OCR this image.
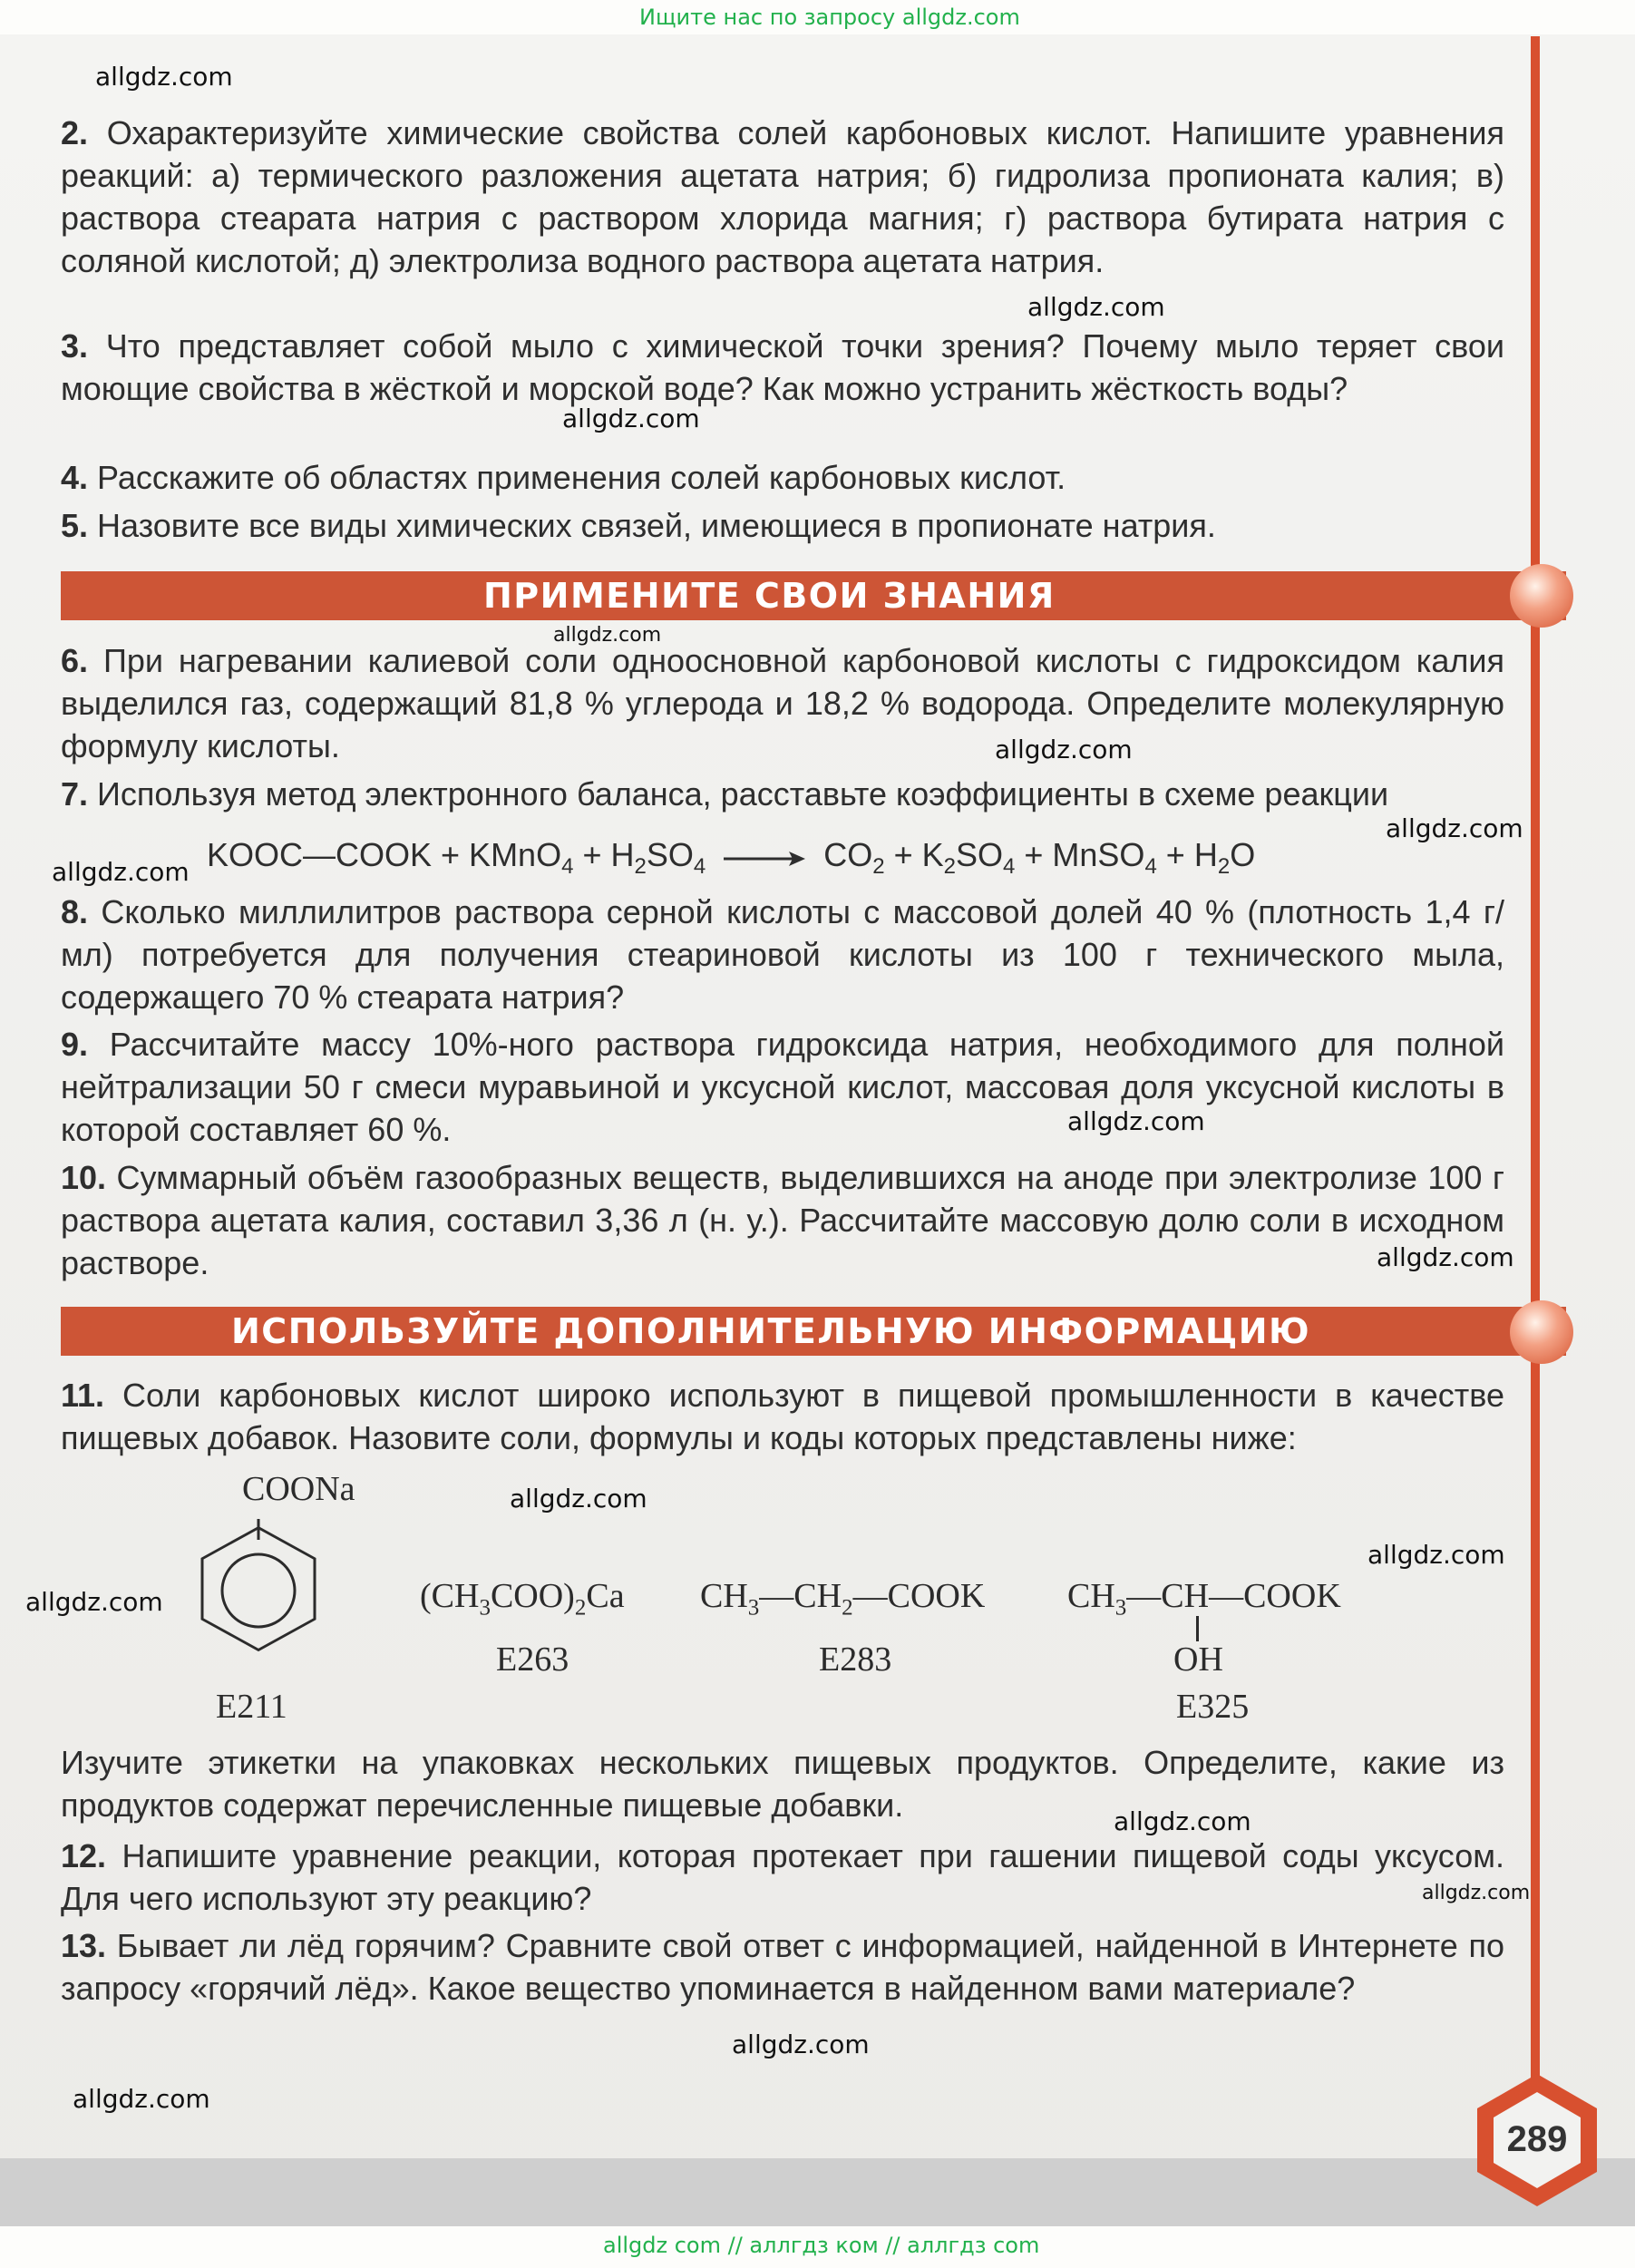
Ищите нас по запросу allgdz.com

2. Охарактеризуйте химические свойства солей карбоновых кислот. Напишите уравнения реакций: а) термического разложения ацетата натрия; б) гидролиза пропионата калия; в) раствора стеарата натрия с раствором хлорида магния; г) раствора бутирата натрия с соляной кислотой; д) электролиза водного раствора ацетата натрия.

3. Что представляет собой мыло с химической точки зрения? Почему мыло теряет свои моющие свойства в жёсткой и морской воде? Как можно устранить жёсткость воды?

4. Расскажите об областях применения солей карбоновых кислот.

5. Назовите все виды химических связей, имеющиеся в пропионате натрия.

ПРИМЕНИТЕ СВОИ ЗНАНИЯ

6. При нагревании калиевой соли одноосновной карбоновой кислоты с гидроксидом калия выделился газ, содержащий 81,8 % углерода и 18,2 % водорода. Определите молекулярную формулу кислоты.

7. Используя метод электронного баланса, расставьте коэффициенты в схеме реакции

KOOC—COOK + KMnO$_4$ + $H_2SO_4 \to CO_2 + K_2SO_4$ + MnSO$_4$ + $H_2O$

8. Сколько миллилитров раствора серной кислоты с массовой долей 40 % (плотность 1,4 г/мл) потребуется для получения стеариновой кислоты из 100 г технического мыла, содержащего 70 % стеарата натрия?

9. Рассчитайте массу 10%-ного раствора гидроксида натрия, необходимого для полной нейтрализации 50 г смеси муравьиной и уксусной кислот, массовая доля уксусной кислоты в которой составляет 60 %.

10. Суммарный объём газообразных веществ, выделившихся на аноде при электролизе 100 г раствора ацетата калия, составил 3,36 л (н. у.). Рассчитайте массовую долю соли в исходном растворе.

ИСПОЛЬЗУЙТЕ ДОПОЛНИТЕЛЬНУЮ ИНФОРМАЦИЮ

11. Соли карбоновых кислот широко используют в пищевой промышленности в качестве пищевых добавок. Назовите соли, формулы и коды которых представлены ниже:

COONa
E211
$(CH_3COO)_2Ca$
E263
$CH_3—CH_2—COOK$
E283
$CH_3—CH—COOK$
OH
E325

Изучите этикетки на упаковках нескольких пищевых продуктов. Определите, какие из продуктов содержат перечисленные пищевые добавки.

12. Напишите уравнение реакции, которая протекает при гашении пищевой соды уксусом. Для чего используют эту реакцию?

13. Бывает ли лёд горячим? Сравните свой ответ с информацией, найденной в Интернете по запросу «горячий лёд». Какое вещество упоминается в найденном вами материале?

289
allgdz.com
allgdz.com
allgdz.com
allgdz.com
allgdz.com
allgdz.com
allgdz.com
allgdz.com
allgdz.com
allgdz.com
allgdz.com
allgdz.com
allgdz.com
allgdz.com
allgdz.com
allgdz.com
allgdz com // аллгдз ком // аллгдз com
